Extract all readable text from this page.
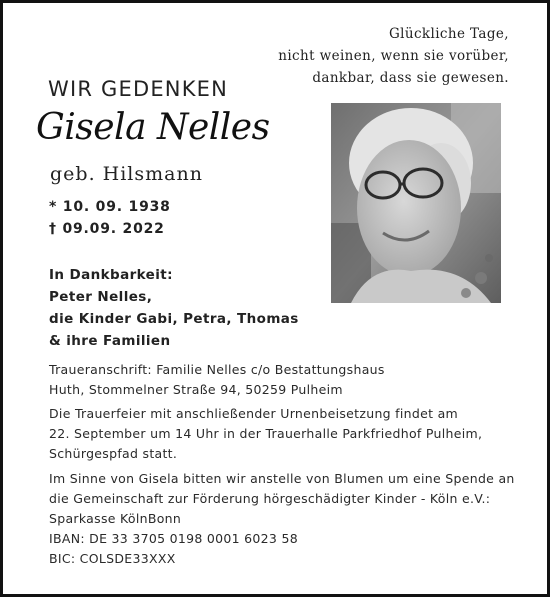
Glückliche Tage,
nicht weinen, wenn sie vorüber,
dankbar, dass sie gewesen.
WIR GEDENKEN
Gisela Nelles
geb. Hilsmann
* 10. 09. 1938
† 09.09. 2022
In Dankbarkeit:
Peter Nelles,
die Kinder Gabi, Petra, Thomas
& ihre Familien
Traueranschrift: Familie Nelles c/o Bestattungshaus
Huth, Stommelner Straße 94, 50259 Pulheim
Die Trauerfeier mit anschließender Urnenbeisetzung findet am
22. September um 14 Uhr in der Trauerhalle Parkfriedhof Pulheim,
Schürgespfad statt.
Im Sinne von Gisela bitten wir anstelle von Blumen um eine Spende an
die Gemeinschaft zur Förderung hörgeschädigter Kinder - Köln e.V.:
Sparkasse KölnBonn
IBAN: DE 33 3705 0198 0001 6023 58
BIC: COLSDE33XXX
